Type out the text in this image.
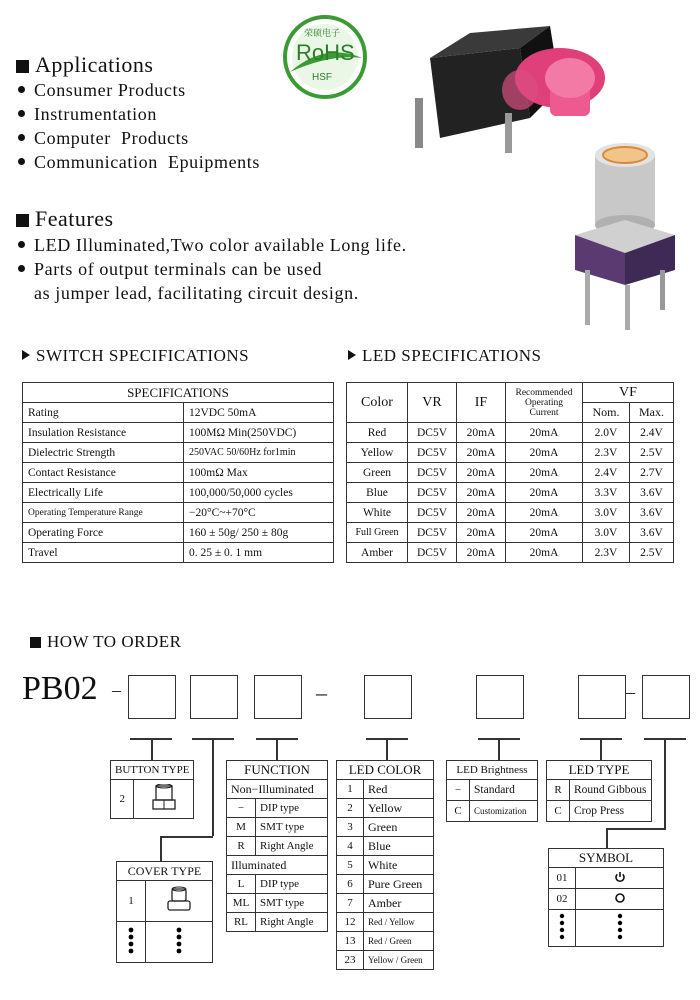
荣硕电子
RoHS
HSF
Applications
Consumer Products
Instrumentation
Computer  Products
Communication  Epuipments
Features
LED Illuminated,Two color available Long life.
Parts of output terminals can be used
as jumper lead, facilitating circuit design.
SWITCH SPECIFICATIONS
SPECIFICATIONS	
Rating	12VDC 50mA
Insulation Resistance	100MΩ Min(250VDC)
Dielectric Strength	250VAC 50/60Hz for1min
Contact Resistance	100mΩ Max
Electrically Life	100,000/50,000 cycles
Operating Temperature Range	−20°C~+70°C
Operating Force	160 ± 50g/ 250 ± 80g
Travel	0. 25 ± 0. 1 mm
LED SPECIFICATIONS
Color	VR	IF	Recommended
Operating
Current	VF	
				Nom.	Max.
Red	DC5V	20mA	20mA	2.0V	2.4V
Yellow	DC5V	20mA	20mA	2.3V	2.5V
Green	DC5V	20mA	20mA	2.4V	2.7V
Blue	DC5V	20mA	20mA	3.3V	3.6V
White	DC5V	20mA	20mA	3.0V	3.6V
Full Green	DC5V	20mA	20mA	3.0V	3.6V
Amber	DC5V	20mA	20mA	2.3V	2.5V
HOW TO ORDER
PB02 –	–	–
BUTTON TYPE
2	
COVER TYPE	
1	

FUNCTION	
Non−Illuminated	
−	DIP type
M	SMT type
R	Right Angle
Illuminated	
L	DIP type
ML	SMT type
RL	Right Angle
LED COLOR	
1	Red
2	Yellow
3	Green
4	Blue
5	White
6	Pure Green
7	Amber
12	Red / Yellow
13	Red / Green
23	Yellow / Green
LED Brightness	
−	Standard
C	Customization
LED TYPE	
R	Round Gibbous
C	Crop Press
SYMBOL	
01	
02	
